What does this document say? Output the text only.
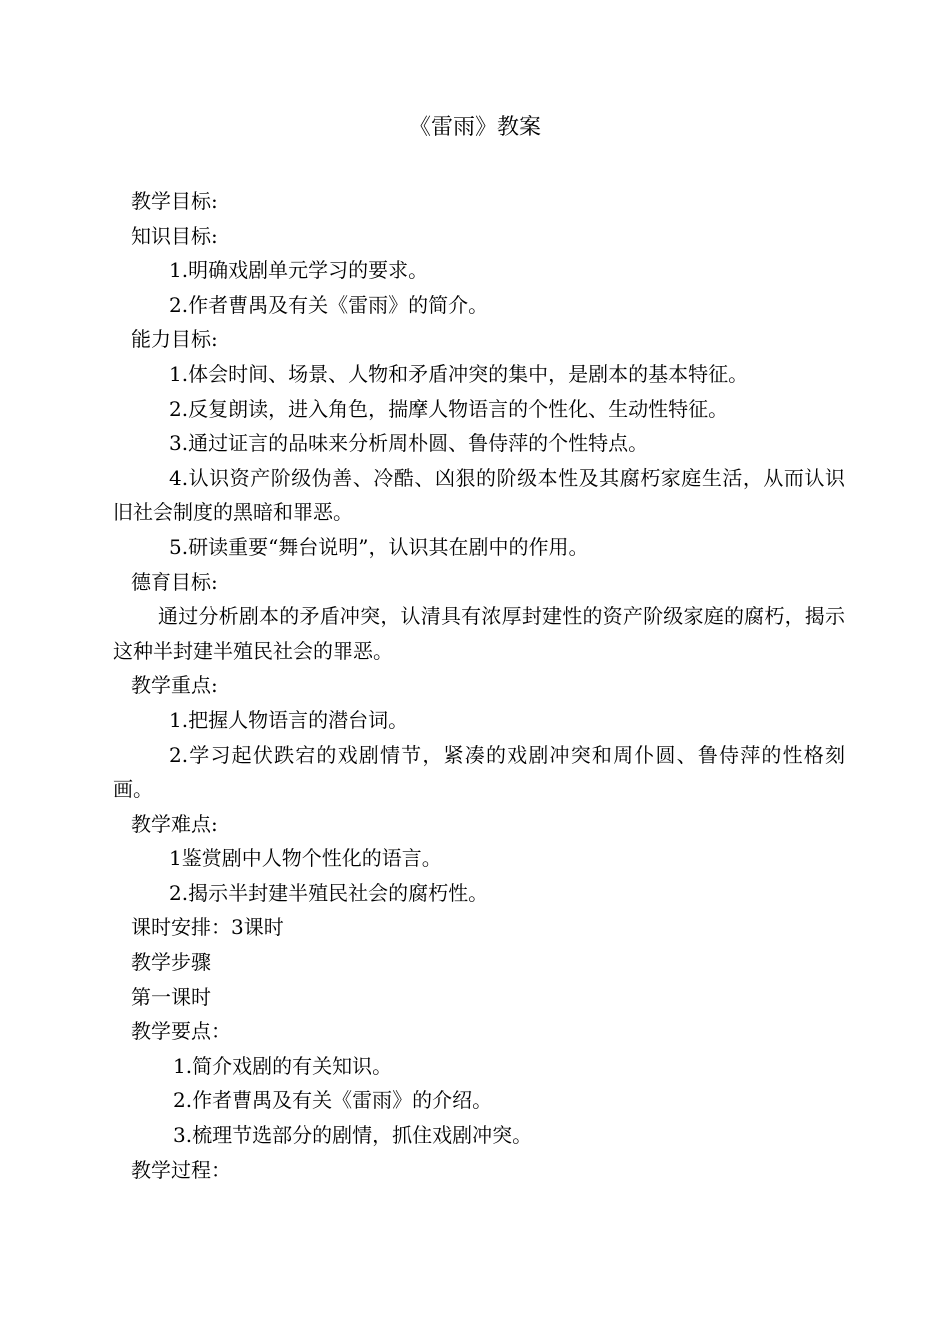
《雷雨》教案
教学目标:
知识目标:
1.明确戏剧单元学习的要求。
2.作者曹禺及有关《雷雨》的简介。
能力目标:
1.体会时间、场景、人物和矛盾冲突的集中，是剧本的基本特征。
2.反复朗读，进入角色，揣摩人物语言的个性化、生动性特征。
3.通过证言的品味来分析周朴圆、鲁侍萍的个性特点。
4.认识资产阶级伪善、冷酷、凶狠的阶级本性及其腐朽家庭生活，从而认识旧社会制度的黑暗和罪恶。
5.研读重要“舞台说明”，认识其在剧中的作用。
德育目标:
通过分析剧本的矛盾冲突，认清具有浓厚封建性的资产阶级家庭的腐朽，揭示这种半封建半殖民社会的罪恶。
教学重点:
1.把握人物语言的潜台词。
2.学习起伏跌宕的戏剧情节，紧凑的戏剧冲突和周仆圆、鲁侍萍的性格刻画。
教学难点:
1鉴赏剧中人物个性化的语言。
2.揭示半封建半殖民社会的腐朽性。
课时安排：3课时
教学步骤
第一课时
教学要点：
1.简介戏剧的有关知识。
2.作者曹禺及有关《雷雨》的介绍。
3.梳理节选部分的剧情，抓住戏剧冲突。
教学过程：
